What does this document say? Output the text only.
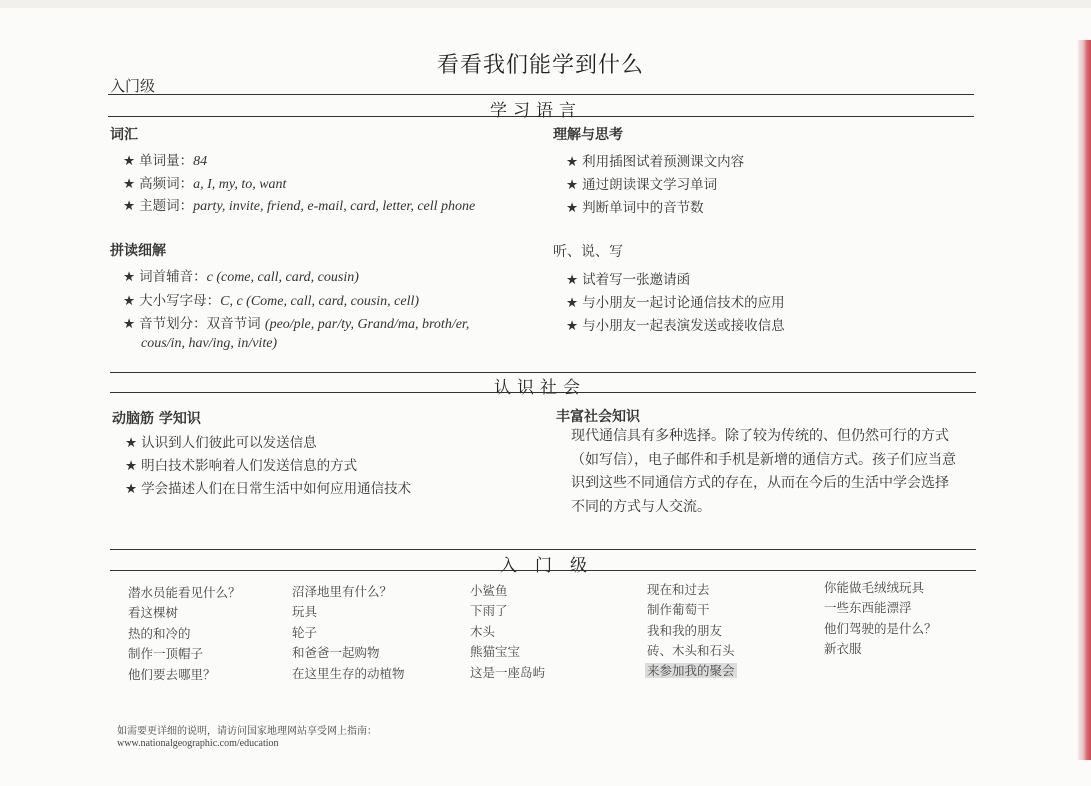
看看我们能学到什么
入门级
学习语言
词汇
★ 单词量：84
★ 高频词：a, I, my, to, want
★ 主题词：party, invite, friend, e-mail, card, letter, cell phone
拼读细解
★ 词首辅音：c (come, call, card, cousin)
★ 大小写字母：C, c (Come, call, card, cousin, cell)
★ 音节划分：双音节词 (peo/ple, par/ty, Grand/ma, broth/er,
cous/in, hav/ing, in/vite)
理解与思考
★ 利用插图试着预测课文内容
★ 通过朗读课文学习单词
★ 判断单词中的音节数
听、说、写
★ 试着写一张邀请函
★ 与小朋友一起讨论通信技术的应用
★ 与小朋友一起表演发送或接收信息
认识社会
动脑筋 学知识
★ 认识到人们彼此可以发送信息
★ 明白技术影响着人们发送信息的方式
★ 学会描述人们在日常生活中如何应用通信技术
丰富社会知识
现代通信具有多种选择。除了较为传统的、但仍然可行的方式
（如写信），电子邮件和手机是新增的通信方式。孩子们应当意
识到这些不同通信方式的存在，从而在今后的生活中学会选择
不同的方式与人交流。
入门级
潜水员能看见什么？
看这棵树
热的和冷的
制作一顶帽子
他们要去哪里？
沼泽地里有什么？
玩具
轮子
和爸爸一起购物
在这里生存的动植物
小鲨鱼
下雨了
木头
熊猫宝宝
这是一座岛屿
现在和过去
制作葡萄干
我和我的朋友
砖、木头和石头
来参加我的聚会
你能做毛绒绒玩具
一些东西能漂浮
他们驾驶的是什么？
新衣服
如需要更详细的说明，请访问国家地理网站享受网上指南：
www.nationalgeographic.com/education
